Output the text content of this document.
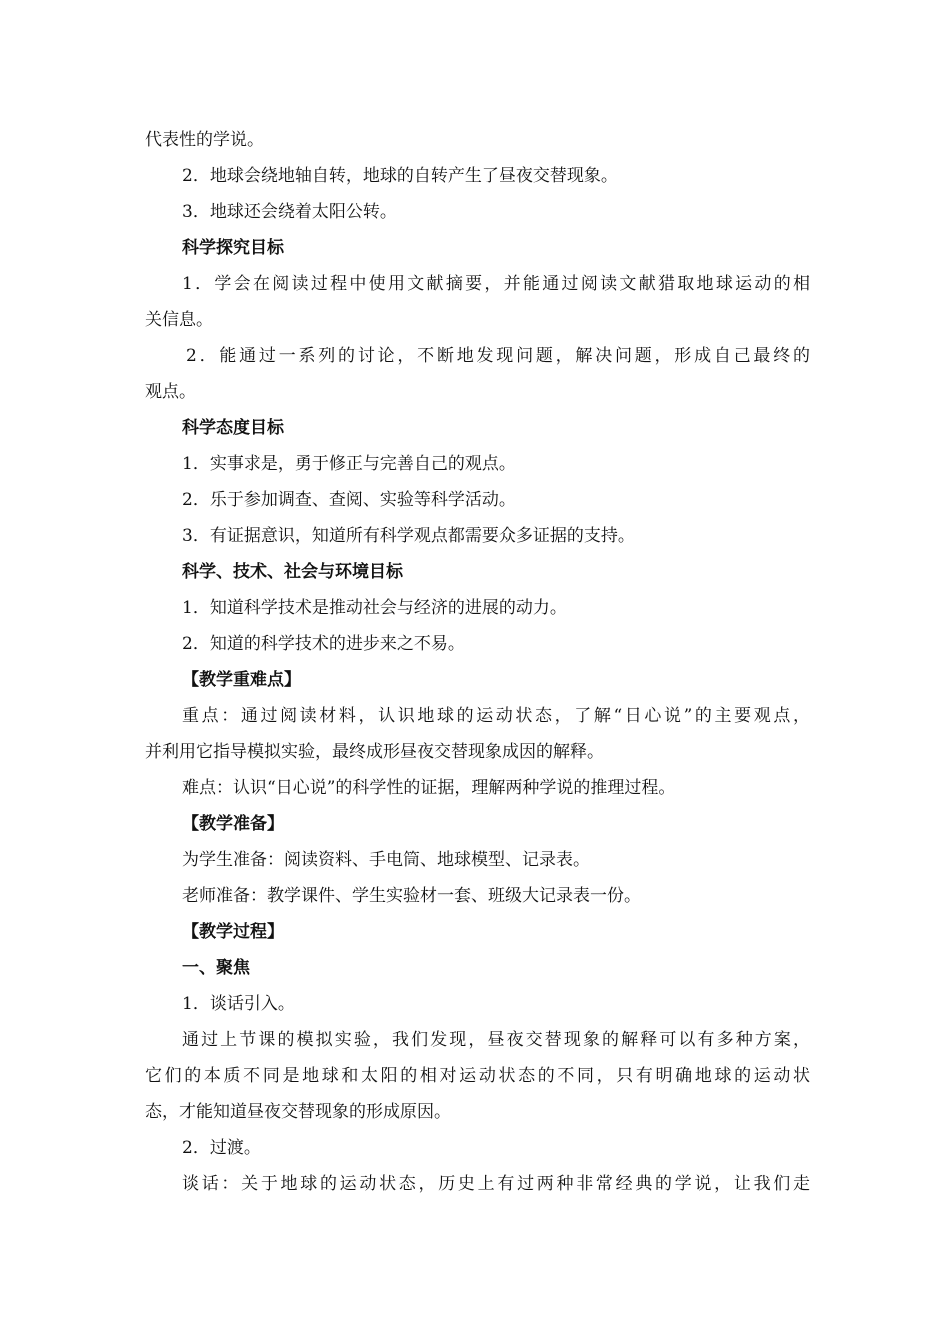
代表性的学说。
2．地球会绕地轴自转，地球的自转产生了昼夜交替现象。
3．地球还会绕着太阳公转。
科学探究目标
1．学会在阅读过程中使用文献摘要，并能通过阅读文献猎取地球运动的相
关信息。
2．能通过一系列的讨论，不断地发现问题，解决问题，形成自己最终的
观点。
科学态度目标
1．实事求是，勇于修正与完善自己的观点。
2．乐于参加调查、查阅、实验等科学活动。
3．有证据意识，知道所有科学观点都需要众多证据的支持。
科学、技术、社会与环境目标
1．知道科学技术是推动社会与经济的进展的动力。
2．知道的科学技术的进步来之不易。
【教学重难点】
重点：通过阅读材料，认识地球的运动状态，了解“日心说”的主要观点，
并利用它指导模拟实验，最终成形昼夜交替现象成因的解释。
难点：认识“日心说”的科学性的证据，理解两种学说的推理过程。
【教学准备】
为学生准备：阅读资料、手电筒、地球模型、记录表。
老师准备：教学课件、学生实验材一套、班级大记录表一份。
【教学过程】
一、聚焦
1．谈话引入。
通过上节课的模拟实验，我们发现，昼夜交替现象的解释可以有多种方案，
它们的本质不同是地球和太阳的相对运动状态的不同，只有明确地球的运动状
态，才能知道昼夜交替现象的形成原因。
2．过渡。
谈话：关于地球的运动状态，历史上有过两种非常经典的学说，让我们走
